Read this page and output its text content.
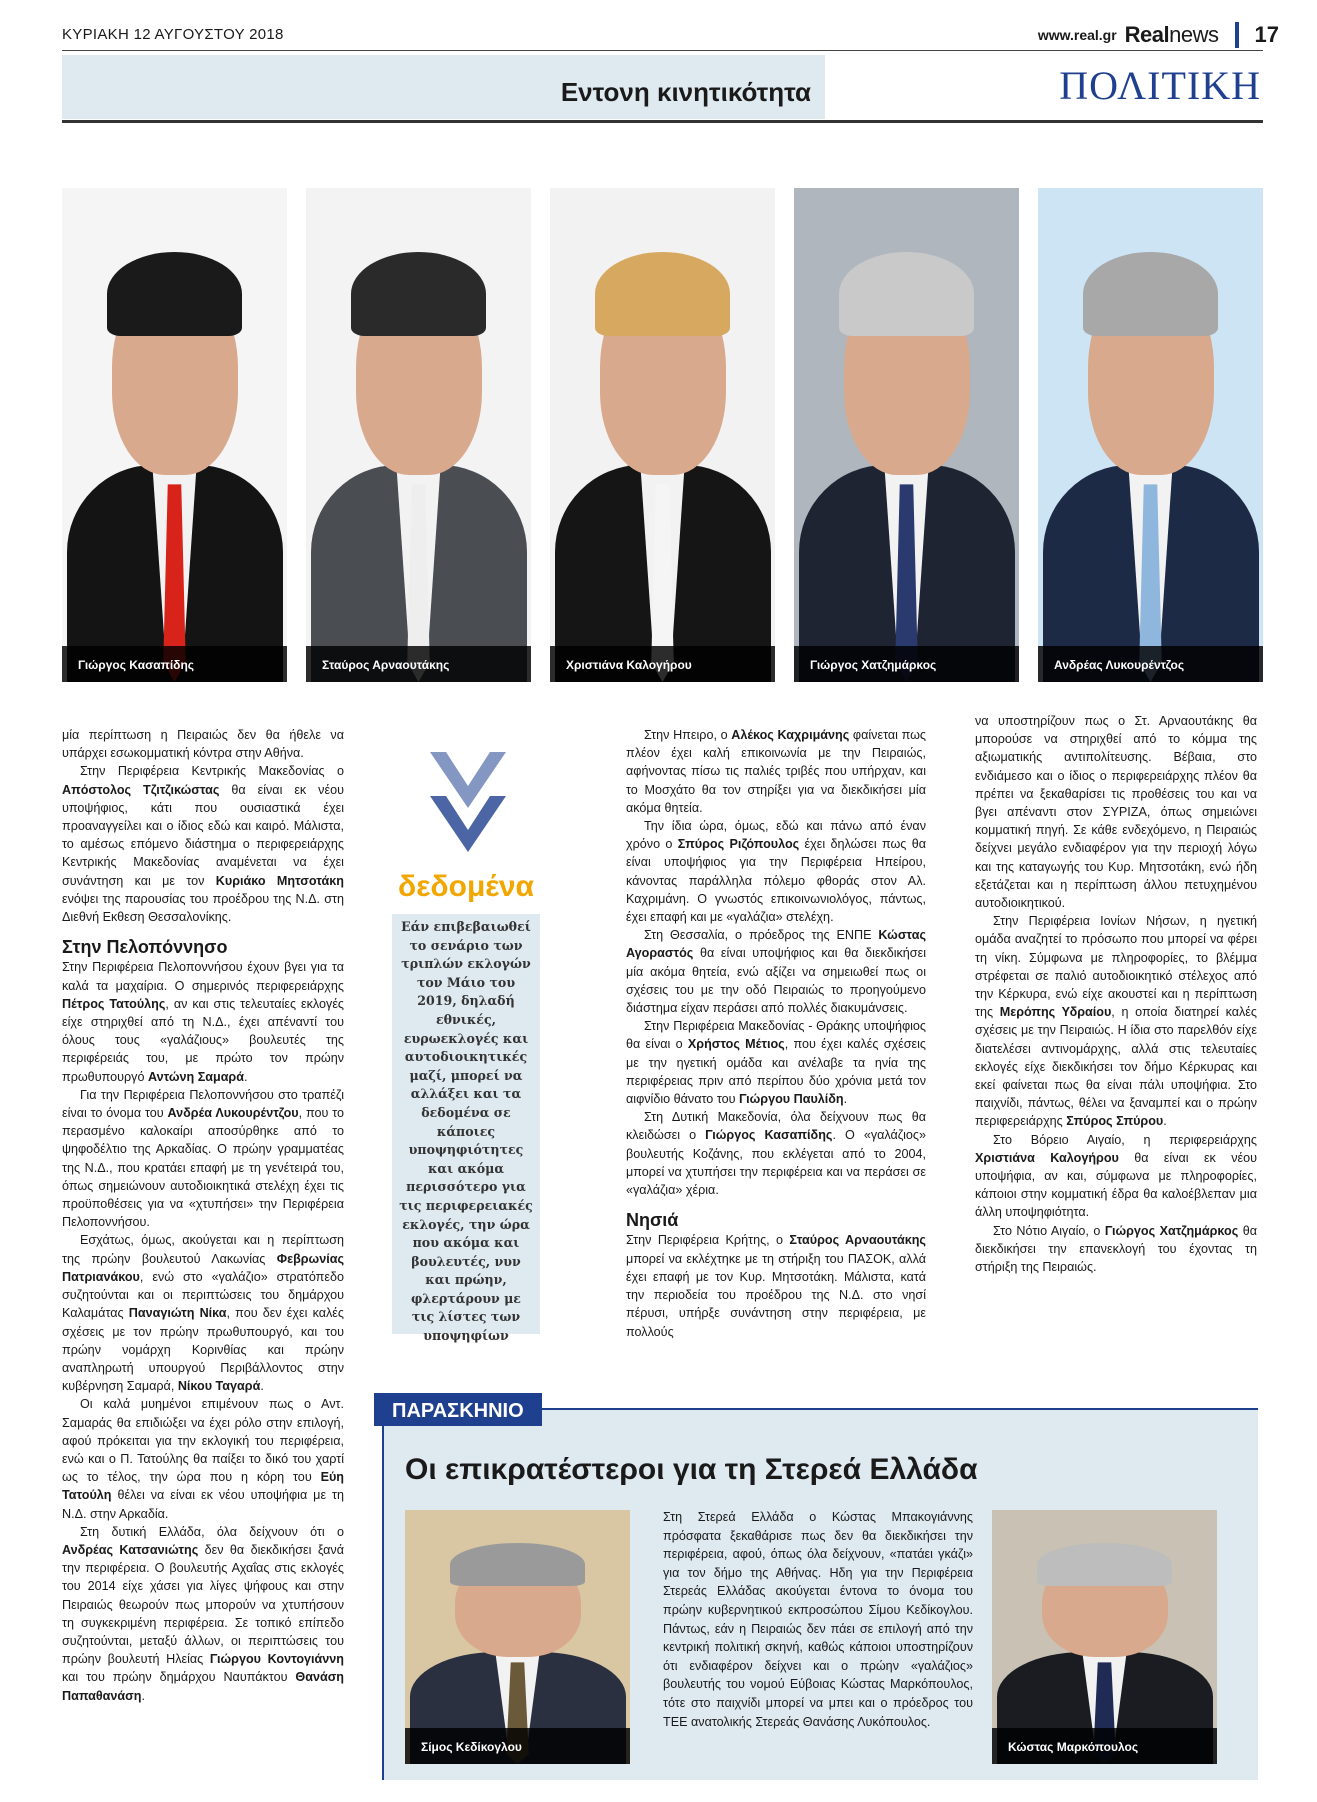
ΚΥΡΙΑΚΗ 12 ΑΥΓΟΥΣΤΟΥ 2018	www.real.gr Realnews 17
Εντονη κινητικότητα	ΠΟΛΙΤΙΚΗ
Γιώργος Κασαπίδης	Σταύρος Αρναουτάκης	Χριστιάνα Καλογήρου	Γιώργος Χατζημάρκος	Ανδρέας Λυκουρέντζος

μία περίπτωση η Πειραιώς δεν θα ήθελε να υπάρχει εσωκομματική κόντρα στην Αθήνα.

Στην Περιφέρεια Κεντρικής Μακεδονίας ο Απόστολος Τζιτζικώστας θα είναι εκ νέου υποψήφιος, κάτι που ουσιαστικά έχει προαναγγείλει και ο ίδιος εδώ και καιρό. Μάλιστα, το αμέσως επόμενο διάστημα ο περιφερειάρχης Κεντρικής Μακεδονίας αναμένεται να έχει συνάντηση και με τον Κυριάκο Μητσοτάκη ενόψει της παρουσίας του προέδρου της Ν.Δ. στη Διεθνή Εκθεση Θεσσαλονίκης.

Στην Πελοπόννησο

Στην Περιφέρεια Πελοποννήσου έχουν βγει για τα καλά τα μαχαίρια. Ο σημερινός περιφερειάρχης Πέτρος Τατούλης, αν και στις τελευταίες εκλογές είχε στηριχθεί από τη Ν.Δ., έχει απέναντί του όλους τους «γαλάζιους» βουλευτές της περιφέρειάς του, με πρώτο τον πρώην πρωθυπουργό Αντώνη Σαμαρά.

Για την Περιφέρεια Πελοποννήσου στο τραπέζι είναι το όνομα του Ανδρέα Λυκουρέντζου, που το περασμένο καλοκαίρι αποσύρθηκε από το ψηφοδέλτιο της Αρκαδίας. Ο πρώην γραμματέας της Ν.Δ., που κρατάει επαφή με τη γενέτειρά του, όπως σημειώνουν αυτοδιοικητικά στελέχη έχει τις προϋποθέσεις για να «χτυπήσει» την Περιφέρεια Πελοποννήσου.

Εσχάτως, όμως, ακούγεται και η περίπτωση της πρώην βουλευτού Λακωνίας Φεβρωνίας Πατριανάκου, ενώ στο «γαλάζιο» στρατόπεδο συζητούνται και οι περιπτώσεις του δημάρχου Καλαμάτας Παναγιώτη Νίκα, που δεν έχει καλές σχέσεις με τον πρώην πρωθυπουργό, και του πρώην νομάρχη Κορινθίας και πρώην αναπληρωτή υπουργού Περιβάλλοντος στην κυβέρνηση Σαμαρά, Νίκου Ταγαρά.

Οι καλά μυημένοι επιμένουν πως ο Αντ. Σαμαράς θα επιδιώξει να έχει ρόλο στην επιλογή, αφού πρόκειται για την εκλογική του περιφέρεια, ενώ και ο Π. Τατούλης θα παίξει το δικό του χαρτί ως το τέλος, την ώρα που η κόρη του Εύη Τατούλη θέλει να είναι εκ νέου υποψήφια με τη Ν.Δ. στην Αρκαδία.

Στη δυτική Ελλάδα, όλα δείχνουν ότι ο Ανδρέας Κατσανιώτης δεν θα διεκδικήσει ξανά την περιφέρεια. Ο βουλευτής Αχαΐας στις εκλογές του 2014 είχε χάσει για λίγες ψήφους και στην Πειραιώς θεωρούν πως μπορούν να χτυπήσουν τη συγκεκριμένη περιφέρεια. Σε τοπικό επίπεδο συζητούνται, μεταξύ άλλων, οι περιπτώσεις του πρώην βουλευτή Ηλείας Γιώργου Κοντογιάννη και του πρώην δημάρχου Ναυπάκτου Θανάση Παπαθανάση.

δεδομένα
Εάν επιβεβαιωθεί το σενάριο των τριπλών εκλογών τον Μάιο του 2019, δηλαδή εθνικές, ευρωεκλογές και αυτοδιοικητικές μαζί, μπορεί να αλλάξει και τα δεδομένα σε κάποιες υποψηφιότητες και ακόμα περισσότερο για τις περιφερειακές εκλογές, την ώρα που ακόμα και βουλευτές, νυν και πρώην, φλερτάρουν με τις λίστες των υποψηφίων

Στην Ηπειρο, ο Αλέκος Καχριμάνης φαίνεται πως πλέον έχει καλή επικοινωνία με την Πειραιώς, αφήνοντας πίσω τις παλιές τριβές που υπήρχαν, και το Μοσχάτο θα τον στηρίξει για να διεκδικήσει μία ακόμα θητεία.

Την ίδια ώρα, όμως, εδώ και πάνω από έναν χρόνο ο Σπύρος Ριζόπουλος έχει δηλώσει πως θα είναι υποψήφιος για την Περιφέρεια Ηπείρου, κάνοντας παράλληλα πόλεμο φθοράς στον Αλ. Καχριμάνη. Ο γνωστός επικοινωνιολόγος, πάντως, έχει επαφή και με «γαλάζια» στελέχη.

Στη Θεσσαλία, ο πρόεδρος της ΕΝΠΕ Κώστας Αγοραστός θα είναι υποψήφιος και θα διεκδικήσει μία ακόμα θητεία, ενώ αξίζει να σημειωθεί πως οι σχέσεις του με την οδό Πειραιώς το προηγούμενο διάστημα είχαν περάσει από πολλές διακυμάνσεις.

Στην Περιφέρεια Μακεδονίας - Θράκης υποψήφιος θα είναι ο Χρήστος Μέτιος, που έχει καλές σχέσεις με την ηγετική ομάδα και ανέλαβε τα ηνία της περιφέρειας πριν από περίπου δύο χρόνια μετά τον αιφνίδιο θάνατο του Γιώργου Παυλίδη.

Στη Δυτική Μακεδονία, όλα δείχνουν πως θα κλειδώσει ο Γιώργος Κασαπίδης. Ο «γαλάζιος» βουλευτής Κοζάνης, που εκλέγεται από το 2004, μπορεί να χτυπήσει την περιφέρεια και να περάσει σε «γαλάζια» χέρια.

Νησιά

Στην Περιφέρεια Κρήτης, ο Σταύρος Αρναουτάκης μπορεί να εκλέχτηκε με τη στήριξη του ΠΑΣΟΚ, αλλά έχει επαφή με τον Κυρ. Μητσοτάκη. Μάλιστα, κατά την περιοδεία του προέδρου της Ν.Δ. στο νησί πέρυσι, υπήρξε συνάντηση στην περιφέρεια, με πολλούς

να υποστηρίζουν πως ο Στ. Αρναουτάκης θα μπορούσε να στηριχθεί από το κόμμα της αξιωματικής αντιπολίτευσης. Βέβαια, στο ενδιάμεσο και ο ίδιος ο περιφερειάρχης πλέον θα πρέπει να ξεκαθαρίσει τις προθέσεις του και να βγει απέναντι στον ΣΥΡΙΖΑ, όπως σημειώνει κομματική πηγή. Σε κάθε ενδεχόμενο, η Πειραιώς δείχνει μεγάλο ενδιαφέρον για την περιοχή λόγω και της καταγωγής του Κυρ. Μητσοτάκη, ενώ ήδη εξετάζεται και η περίπτωση άλλου πετυχημένου αυτοδιοικητικού.

Στην Περιφέρεια Ιονίων Νήσων, η ηγετική ομάδα αναζητεί το πρόσωπο που μπορεί να φέρει τη νίκη. Σύμφωνα με πληροφορίες, το βλέμμα στρέφεται σε παλιό αυτοδιοικητικό στέλεχος από την Κέρκυρα, ενώ είχε ακουστεί και η περίπτωση της Μερόπης Υδραίου, η οποία διατηρεί καλές σχέσεις με την Πειραιώς. Η ίδια στο παρελθόν είχε διατελέσει αντινομάρχης, αλλά στις τελευταίες εκλογές είχε διεκδικήσει τον δήμο Κέρκυρας και εκεί φαίνεται πως θα είναι πάλι υποψήφια. Στο παιχνίδι, πάντως, θέλει να ξαναμπεί και ο πρώην περιφερειάρχης Σπύρος Σπύρου.

Στο Βόρειο Αιγαίο, η περιφερειάρχης Χριστιάνα Καλογήρου θα είναι εκ νέου υποψήφια, αν και, σύμφωνα με πληροφορίες, κάποιοι στην κομματική έδρα θα καλοέβλεπαν μια άλλη υποψηφιότητα.

Στο Νότιο Αιγαίο, ο Γιώργος Χατζημάρκος θα διεκδικήσει την επανεκλογή του έχοντας τη στήριξη της Πειραιώς.

ΠΑΡΑΣΚΗΝΙΟ
Οι επικρατέστεροι για τη Στερεά Ελλάδα
Σίμος Κεδίκογλου
Στη Στερεά Ελλάδα ο Κώστας Μπακογιάννης πρόσφατα ξεκαθάρισε πως δεν θα διεκδικήσει την περιφέρεια, αφού, όπως όλα δείχνουν, «πατάει γκάζι» για τον δήμο της Αθήνας. Ηδη για την Περιφέρεια Στερεάς Ελλάδας ακούγεται έντονα το όνομα του πρώην κυβερνητικού εκπροσώπου Σίμου Κεδίκογλου. Πάντως, εάν η Πειραιώς δεν πάει σε επιλογή από την κεντρική πολιτική σκηνή, καθώς κάποιοι υποστηρίζουν ότι ενδιαφέρον δείχνει και ο πρώην «γαλάζιος» βουλευτής του νομού Εύβοιας Κώστας Μαρκόπουλος, τότε στο παιχνίδι μπορεί να μπει και ο πρόεδρος του ΤΕΕ ανατολικής Στερεάς Θανάσης Λυκόπουλος.
Κώστας Μαρκόπουλος
